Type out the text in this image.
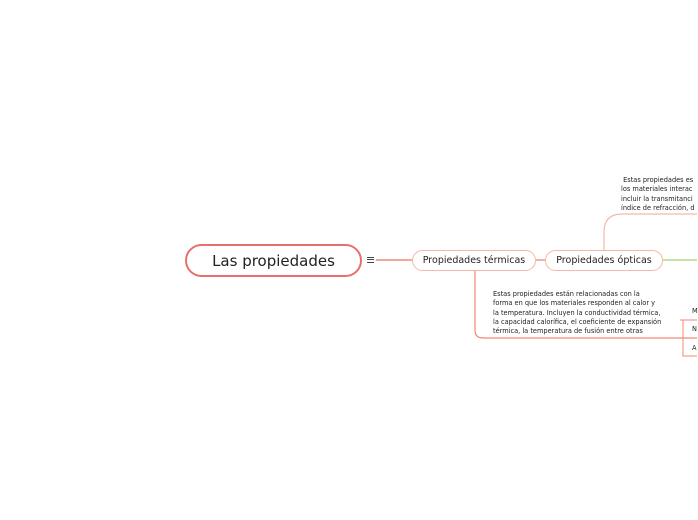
Las propiedades	Propiedades térmicas	Propiedades ópticas
Estas propiedades están relacionadas con la
forma en que los materiales responden al calor y
la temperatura. Incluyen la conductividad térmica,
la capacidad calorífica, el coeficiente de expansión
térmica, la temperatura de fusión entre otras
Estas propiedades es
los materiales interac
incluir la transmitanci
índice de refracción, d
M
N
A
